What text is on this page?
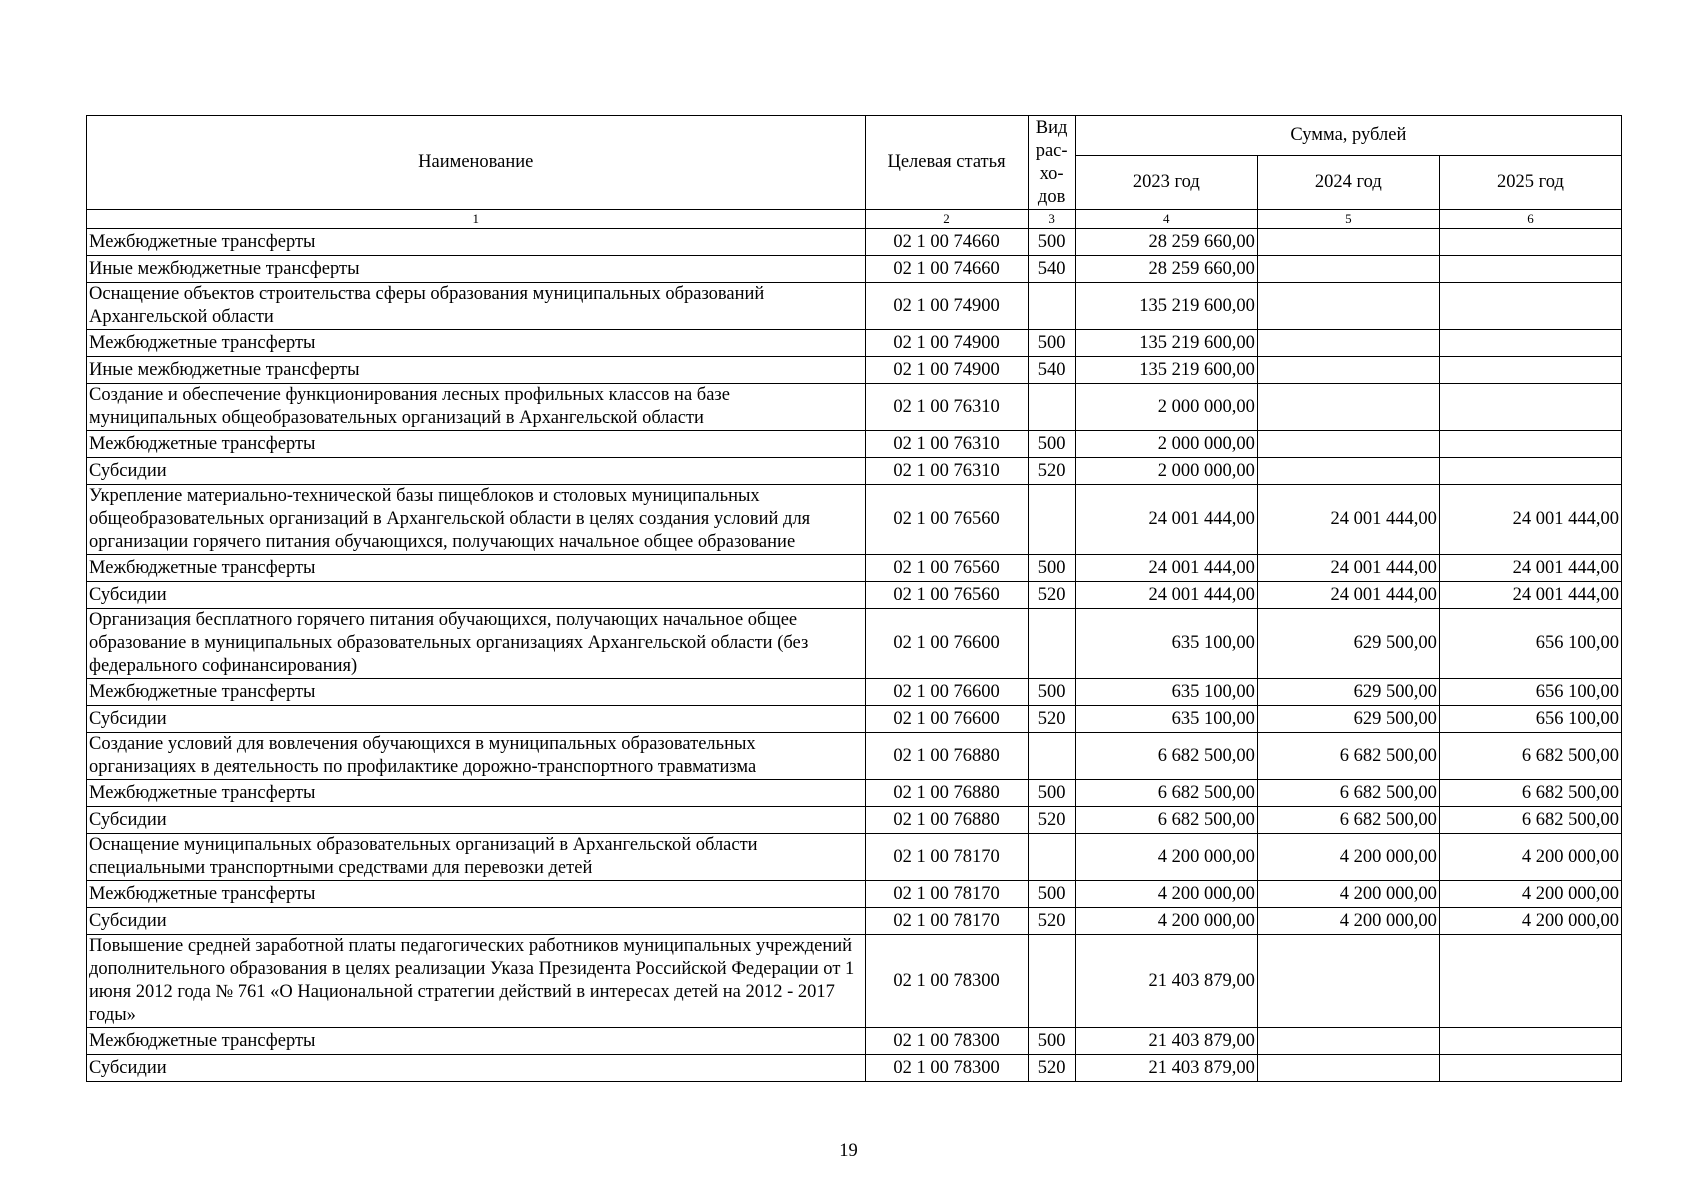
Наименование	Целевая статья	Вид
рас-
хо-
дов	Сумма, рублей		
			2023 год	2024 год	2025 год
1	2	3	4	5	6
Межбюджетные трансферты	02 1 00 74660	500	28 259 660,00		
Иные межбюджетные трансферты	02 1 00 74660	540	28 259 660,00		
Оснащение объектов строительства сферы образования муниципальных образований Архангельской области	02 1 00 74900		135 219 600,00		
Межбюджетные трансферты	02 1 00 74900	500	135 219 600,00		
Иные межбюджетные трансферты	02 1 00 74900	540	135 219 600,00		
Создание и обеспечение функционирования лесных профильных классов на базе муниципальных общеобразовательных организаций в Архангельской области	02 1 00 76310		2 000 000,00		
Межбюджетные трансферты	02 1 00 76310	500	2 000 000,00		
Субсидии	02 1 00 76310	520	2 000 000,00		
Укрепление материально-технической базы пищеблоков и столовых муниципальных общеобразовательных организаций в Архангельской области в целях создания условий для организации горячего питания обучающихся, получающих начальное общее образование	02 1 00 76560		24 001 444,00	24 001 444,00	24 001 444,00
Межбюджетные трансферты	02 1 00 76560	500	24 001 444,00	24 001 444,00	24 001 444,00
Субсидии	02 1 00 76560	520	24 001 444,00	24 001 444,00	24 001 444,00
Организация бесплатного горячего питания обучающихся, получающих начальное общее образование в муниципальных образовательных организациях Архангельской области (без федерального софинансирования)	02 1 00 76600		635 100,00	629 500,00	656 100,00
Межбюджетные трансферты	02 1 00 76600	500	635 100,00	629 500,00	656 100,00
Субсидии	02 1 00 76600	520	635 100,00	629 500,00	656 100,00
Создание условий для вовлечения обучающихся в муниципальных образовательных организациях в деятельность по профилактике дорожно-транспортного травматизма	02 1 00 76880		6 682 500,00	6 682 500,00	6 682 500,00
Межбюджетные трансферты	02 1 00 76880	500	6 682 500,00	6 682 500,00	6 682 500,00
Субсидии	02 1 00 76880	520	6 682 500,00	6 682 500,00	6 682 500,00
Оснащение муниципальных образовательных организаций в Архангельской области специальными транспортными средствами для перевозки детей	02 1 00 78170		4 200 000,00	4 200 000,00	4 200 000,00
Межбюджетные трансферты	02 1 00 78170	500	4 200 000,00	4 200 000,00	4 200 000,00
Субсидии	02 1 00 78170	520	4 200 000,00	4 200 000,00	4 200 000,00
Повышение средней заработной платы педагогических работников муниципальных учреждений дополнительного образования в целях реализации Указа Президента Российской Федерации от 1 июня 2012 года № 761 «О Национальной стратегии действий в интересах детей на 2012 - 2017 годы»	02 1 00 78300		21 403 879,00		
Межбюджетные трансферты	02 1 00 78300	500	21 403 879,00		
Субсидии	02 1 00 78300	520	21 403 879,00		
19
